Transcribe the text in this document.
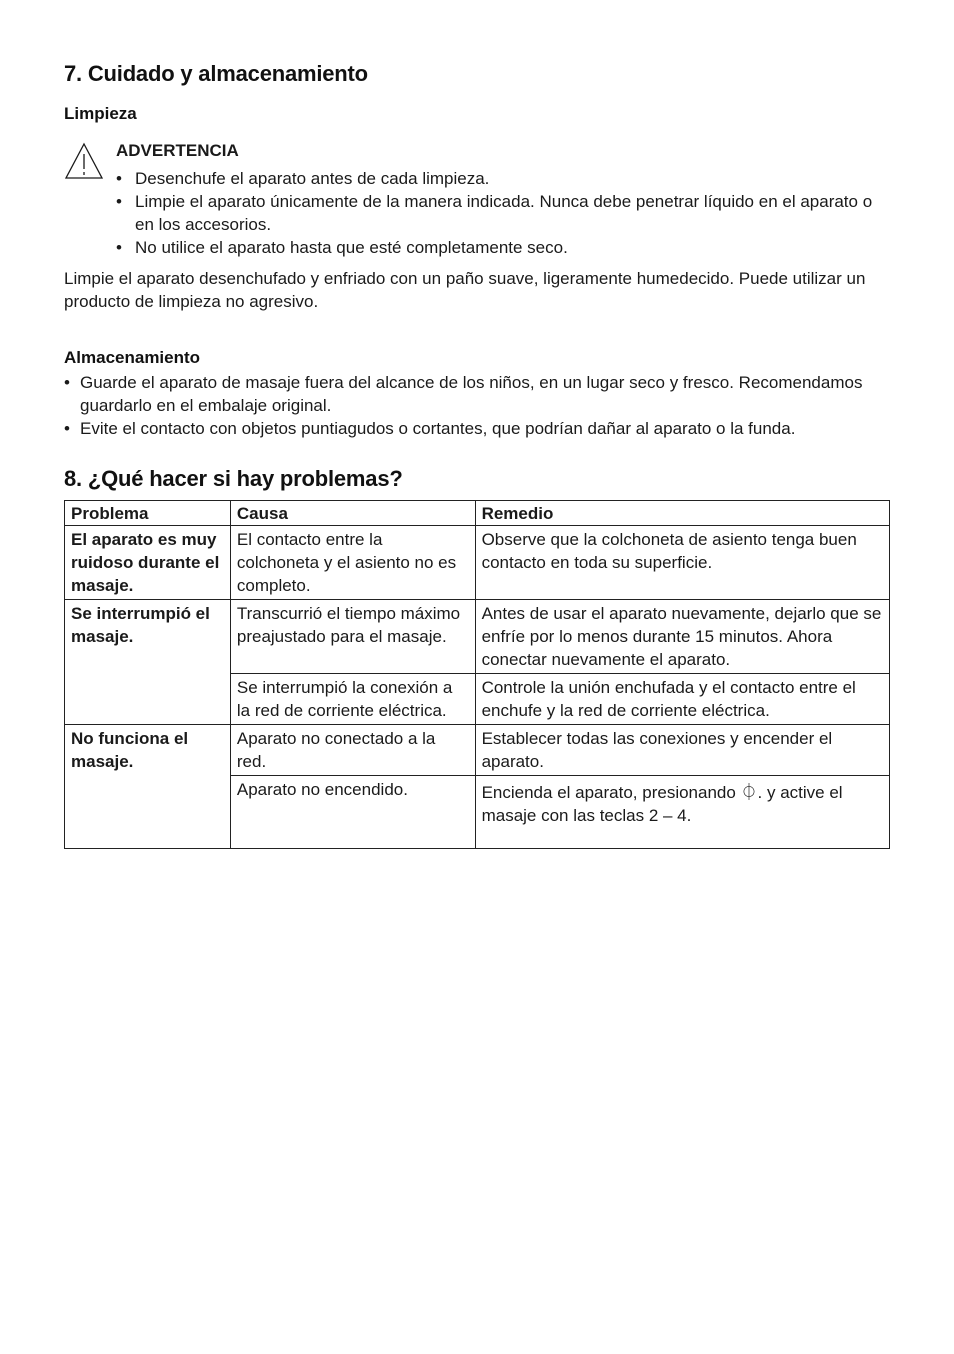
7. Cuidado y almacenamiento
Limpieza
ADVERTENCIA
• Desenchufe el aparato antes de cada limpieza.
• Limpie el aparato únicamente de la manera indicada. Nunca debe penetrar líquido en el aparato o en los accesorios.
• No utilice el aparato hasta que esté completamente seco.

Limpie el aparato desenchufado y enfriado con un paño suave, ligeramente humedecido. Puede utilizar un producto de limpieza no agresivo.

Almacenamiento
• Guarde el aparato de masaje fuera del alcance de los niños, en un lugar seco y fresco. Recomendamos guardarlo en el embalaje original.
• Evite el contacto con objetos puntiagudos o cortantes, que podrían dañar al aparato o la funda.
8. ¿Qué hacer si hay problemas?
Problema	Causa	Remedio
El aparato es muy ruidoso durante el masaje.	El contacto entre la colchoneta y el asiento no es completo.	Observe que la colchoneta de asiento tenga buen contacto en toda su superficie.
Se interrumpió el masaje.	Transcurrió el tiempo máximo preajustado para el masaje.	Antes de usar el aparato nuevamente, dejarlo que se enfríe por lo menos durante 15 minutos. Ahora conectar nuevamente el aparato.
	Se interrumpió la conexión a la red de corriente eléctrica.	Controle la unión enchufada y el contacto entre el enchufe y la red de corriente eléctrica.
No funciona el masaje.	Aparato no conectado a la red.	Establecer todas las conexiones y encender el aparato.
	Aparato no encendido.	Encienda el aparato, presionando ⏀. y active el masaje con las teclas 2 – 4.
